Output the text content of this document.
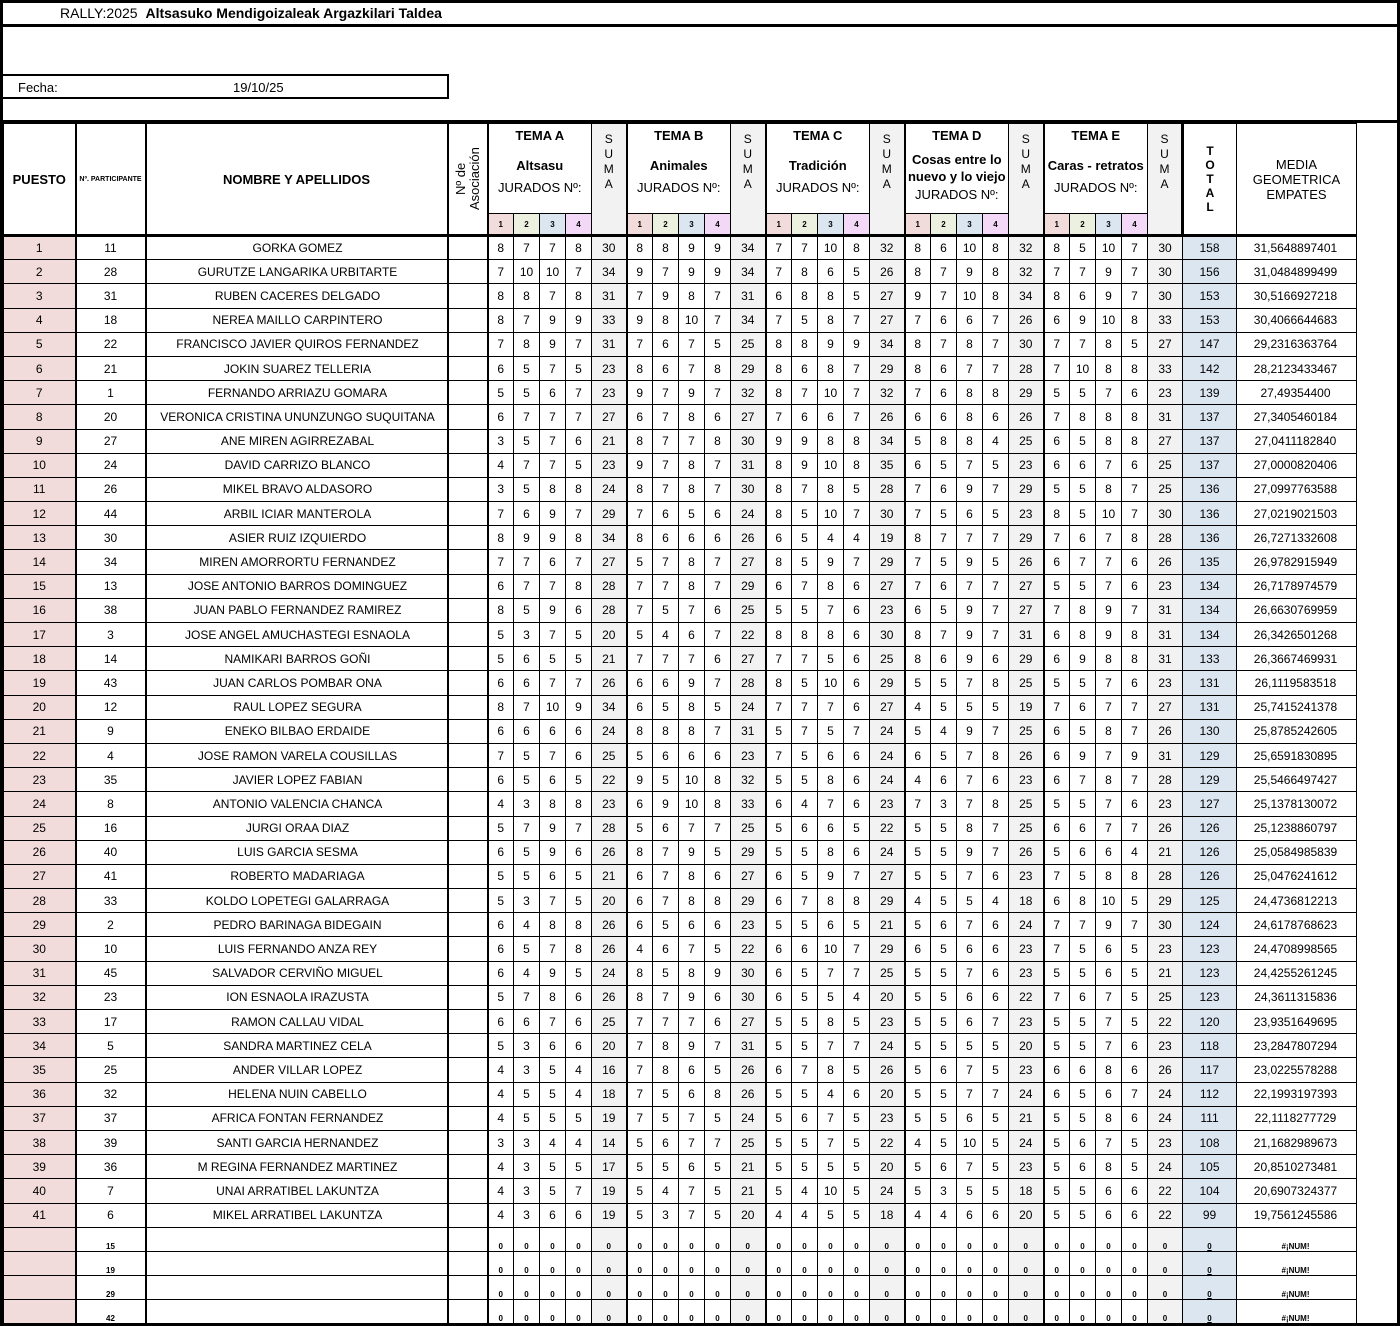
RALLY:2025 Altsasuko Mendigoizaleak Argazkilari Taldea
Fecha:	19/10/25
PUESTO	Nº. PARTICIPANTE	NOMBRE Y APELLIDOS	Nº de Asociación

TEMA A
Altsasu
JURADOS Nº:
	S U M A	
TEMA B
Animales
JURADOS Nº:
	S U M A	
TEMA C
Tradición
JURADOS Nº:
	S U M A	
TEMA D
Cosas entre lo nuevo y lo viejo
JURADOS Nº:
	S U M A	
TEMA E
Caras - retratos
JURADOS Nº:
	S U M A	T O T A L	MEDIA GEOMETRICA EMPATES
				1	2	3	4		1	2	3	4		1	2	3	4		1	2	3	4		1	2	3	4			
1	11	GORKA GOMEZ		8	7	7	8	30	8	8	9	9	34	7	7	10	8	32	8	6	10	8	32	8	5	10	7	30	158	31,5648897401
2	28	GURUTZE LANGARIKA URBITARTE		7	10	10	7	34	9	7	9	9	34	7	8	6	5	26	8	7	9	8	32	7	7	9	7	30	156	31,0484899499
3	31	RUBEN CACERES DELGADO		8	8	7	8	31	7	9	8	7	31	6	8	8	5	27	9	7	10	8	34	8	6	9	7	30	153	30,5166927218
4	18	NEREA MAILLO CARPINTERO		8	7	9	9	33	9	8	10	7	34	7	5	8	7	27	7	6	6	7	26	6	9	10	8	33	153	30,4066644683
5	22	FRANCISCO JAVIER QUIROS FERNANDEZ		7	8	9	7	31	7	6	7	5	25	8	8	9	9	34	8	7	8	7	30	7	7	8	5	27	147	29,2316363764
6	21	JOKIN SUAREZ TELLERIA		6	5	7	5	23	8	6	7	8	29	8	6	8	7	29	8	6	7	7	28	7	10	8	8	33	142	28,2123433467
7	1	FERNANDO ARRIAZU GOMARA		5	5	6	7	23	9	7	9	7	32	8	7	10	7	32	7	6	8	8	29	5	5	7	6	23	139	27,49354400
8	20	VERONICA CRISTINA UNUNZUNGO SUQUITANA		6	7	7	7	27	6	7	8	6	27	7	6	6	7	26	6	6	8	6	26	7	8	8	8	31	137	27,3405460184
9	27	ANE MIREN AGIRREZABAL		3	5	7	6	21	8	7	7	8	30	9	9	8	8	34	5	8	8	4	25	6	5	8	8	27	137	27,0411182840
10	24	DAVID CARRIZO BLANCO		4	7	7	5	23	9	7	8	7	31	8	9	10	8	35	6	5	7	5	23	6	6	7	6	25	137	27,0000820406
11	26	MIKEL BRAVO ALDASORO		3	5	8	8	24	8	7	8	7	30	8	7	8	5	28	7	6	9	7	29	5	5	8	7	25	136	27,0997763588
12	44	ARBIL ICIAR MANTEROLA		7	6	9	7	29	7	6	5	6	24	8	5	10	7	30	7	5	6	5	23	8	5	10	7	30	136	27,0219021503
13	30	ASIER RUIZ IZQUIERDO		8	9	9	8	34	8	6	6	6	26	6	5	4	4	19	8	7	7	7	29	7	6	7	8	28	136	26,7271332608
14	34	MIREN AMORRORTU FERNANDEZ		7	7	6	7	27	5	7	8	7	27	8	5	9	7	29	7	5	9	5	26	6	7	7	6	26	135	26,9782915949
15	13	JOSE ANTONIO BARROS DOMINGUEZ		6	7	7	8	28	7	7	8	7	29	6	7	8	6	27	7	6	7	7	27	5	5	7	6	23	134	26,7178974579
16	38	JUAN PABLO FERNANDEZ RAMIREZ		8	5	9	6	28	7	5	7	6	25	5	5	7	6	23	6	5	9	7	27	7	8	9	7	31	134	26,6630769959
17	3	JOSE ANGEL AMUCHASTEGI ESNAOLA		5	3	7	5	20	5	4	6	7	22	8	8	8	6	30	8	7	9	7	31	6	8	9	8	31	134	26,3426501268
18	14	NAMIKARI BARROS GOÑI		5	6	5	5	21	7	7	7	6	27	7	7	5	6	25	8	6	9	6	29	6	9	8	8	31	133	26,3667469931
19	43	JUAN CARLOS POMBAR ONA		6	6	7	7	26	6	6	9	7	28	8	5	10	6	29	5	5	7	8	25	5	5	7	6	23	131	26,1119583518
20	12	RAUL LOPEZ SEGURA		8	7	10	9	34	6	5	8	5	24	7	7	7	6	27	4	5	5	5	19	7	6	7	7	27	131	25,7415241378
21	9	ENEKO BILBAO ERDAIDE		6	6	6	6	24	8	8	8	7	31	5	7	5	7	24	5	4	9	7	25	6	5	8	7	26	130	25,8785242605
22	4	JOSE RAMON VARELA COUSILLAS		7	5	7	6	25	5	6	6	6	23	7	5	6	6	24	6	5	7	8	26	6	9	7	9	31	129	25,6591830895
23	35	JAVIER LOPEZ FABIAN		6	5	6	5	22	9	5	10	8	32	5	5	8	6	24	4	6	7	6	23	6	7	8	7	28	129	25,5466497427
24	8	ANTONIO VALENCIA CHANCA		4	3	8	8	23	6	9	10	8	33	6	4	7	6	23	7	3	7	8	25	5	5	7	6	23	127	25,1378130072
25	16	JURGI ORAA DIAZ		5	7	9	7	28	5	6	7	7	25	5	6	6	5	22	5	5	8	7	25	6	6	7	7	26	126	25,1238860797
26	40	LUIS GARCIA SESMA		6	5	9	6	26	8	7	9	5	29	5	5	8	6	24	5	5	9	7	26	5	6	6	4	21	126	25,0584985839
27	41	ROBERTO MADARIAGA		5	5	6	5	21	6	7	8	6	27	6	5	9	7	27	5	5	7	6	23	7	5	8	8	28	126	25,0476241612
28	33	KOLDO LOPETEGI GALARRAGA		5	3	7	5	20	6	7	8	8	29	6	7	8	8	29	4	5	5	4	18	6	8	10	5	29	125	24,4736812213
29	2	PEDRO BARINAGA BIDEGAIN		6	4	8	8	26	6	5	6	6	23	5	5	6	5	21	5	6	7	6	24	7	7	9	7	30	124	24,6178768623
30	10	LUIS FERNANDO ANZA REY		6	5	7	8	26	4	6	7	5	22	6	6	10	7	29	6	5	6	6	23	7	5	6	5	23	123	24,4708998565
31	45	SALVADOR CERVIÑO MIGUEL		6	4	9	5	24	8	5	8	9	30	6	5	7	7	25	5	5	7	6	23	5	5	6	5	21	123	24,4255261245
32	23	ION ESNAOLA IRAZUSTA		5	7	8	6	26	8	7	9	6	30	6	5	5	4	20	5	5	6	6	22	7	6	7	5	25	123	24,3611315836
33	17	RAMON CALLAU VIDAL		6	6	7	6	25	7	7	7	6	27	5	5	8	5	23	5	5	6	7	23	5	5	7	5	22	120	23,9351649695
34	5	SANDRA MARTINEZ CELA		5	3	6	6	20	7	8	9	7	31	5	5	7	7	24	5	5	5	5	20	5	5	7	6	23	118	23,2847807294
35	25	ANDER VILLAR LOPEZ		4	3	5	4	16	7	8	6	5	26	6	7	8	5	26	5	6	7	5	23	6	6	8	6	26	117	23,0225578288
36	32	HELENA NUIN CABELLO		4	5	5	4	18	7	5	6	8	26	5	5	4	6	20	5	5	7	7	24	6	5	6	7	24	112	22,1993197393
37	37	AFRICA FONTAN FERNANDEZ		4	5	5	5	19	7	5	7	5	24	5	6	7	5	23	5	5	6	5	21	5	5	8	6	24	111	22,1118277729
38	39	SANTI GARCIA HERNANDEZ		3	3	4	4	14	5	6	7	7	25	5	5	7	5	22	4	5	10	5	24	5	6	7	5	23	108	21,1682989673
39	36	M REGINA FERNANDEZ MARTINEZ		4	3	5	5	17	5	5	6	5	21	5	5	5	5	20	5	6	7	5	23	5	6	8	5	24	105	20,8510273481
40	7	UNAI ARRATIBEL LAKUNTZA		4	3	5	7	19	5	4	7	5	21	5	4	10	5	24	5	3	5	5	18	5	5	6	6	22	104	20,6907324377
41	6	MIKEL ARRATIBEL LAKUNTZA		4	3	6	6	19	5	3	7	5	20	4	4	5	5	18	4	4	6	6	20	5	5	6	6	22	99	19,7561245586
	15			0	0	0	0	0	0	0	0	0	0	0	0	0	0	0	0	0	0	0	0	0	0	0	0	0	0	#¡NUM!
	19			0	0	0	0	0	0	0	0	0	0	0	0	0	0	0	0	0	0	0	0	0	0	0	0	0	0	#¡NUM!
	29			0	0	0	0	0	0	0	0	0	0	0	0	0	0	0	0	0	0	0	0	0	0	0	0	0	0	#¡NUM!
	42			0	0	0	0	0	0	0	0	0	0	0	0	0	0	0	0	0	0	0	0	0	0	0	0	0	0	#¡NUM!
